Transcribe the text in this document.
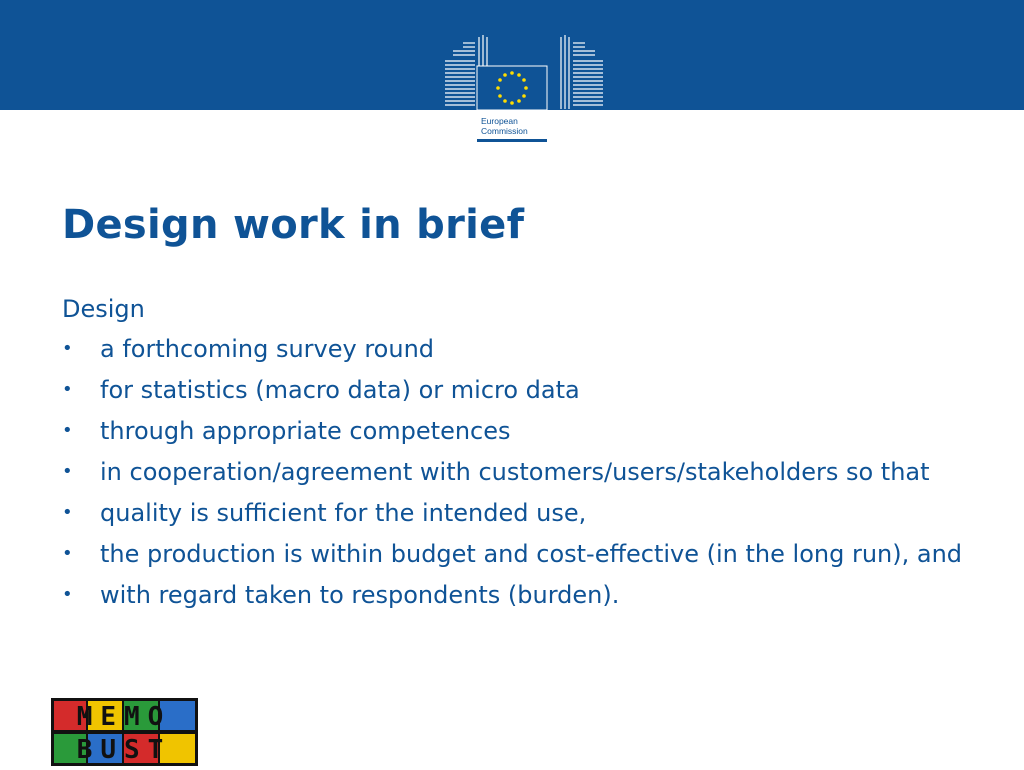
European
Commission
Design work in brief

Design

• a forthcoming survey round
• for statistics (macro data) or micro data
• through appropriate competences
• in cooperation/agreement with customers/users/stakeholders so that
• quality is sufficient for the intended use,
• the production is within budget and cost-effective (in the long run), and
• with regard taken to respondents (burden).
MEMO
BUST
